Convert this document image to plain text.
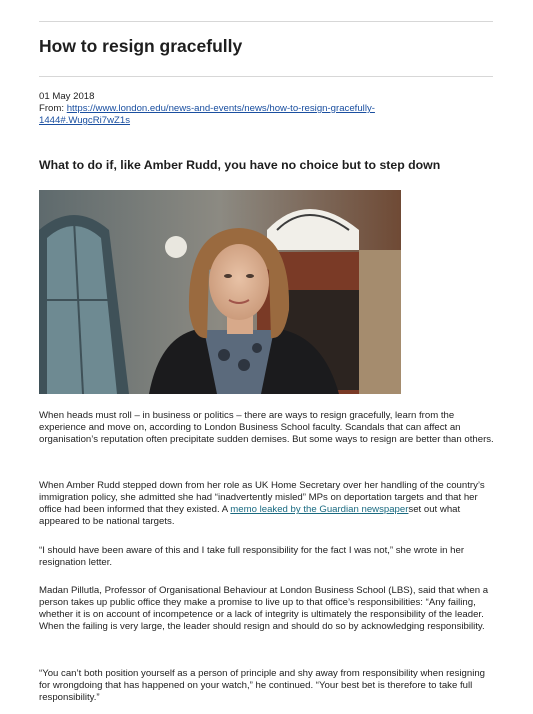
How to resign gracefully
01 May 2018
From: https://www.london.edu/news-and-events/news/how-to-resign-gracefully-
1444#.WugcRi7wZ1s
What to do if, like Amber Rudd, you have no choice but to step down

When heads must roll – in business or politics – there are ways to resign gracefully, learn from the experience and move on, according to London Business School faculty. Scandals that can affect an organisation’s reputation often precipitate sudden demises. But some ways to resign are better than others.

When Amber Rudd stepped down from her role as UK Home Secretary over her handling of the country’s immigration policy, she admitted she had “inadvertently misled” MPs on deportation targets and that her office had been informed that they existed. A memo leaked by the Guardian newspaperset out what appeared to be national targets.

“I should have been aware of this and I take full responsibility for the fact I was not,” she wrote in her resignation letter.

Madan Pillutla, Professor of Organisational Behaviour at London Business School (LBS), said that when a person takes up public office they make a promise to live up to that office’s responsibilities: “Any failing, whether it is on account of incompetence or a lack of integrity is ultimately the responsibility of the leader. When the failing is very large, the leader should resign and should do so by acknowledging responsibility.

“You can’t both position yourself as a person of principle and shy away from responsibility when resigning for wrongdoing that has happened on your watch,” he continued. “Your best bet is therefore to take full responsibility.”
